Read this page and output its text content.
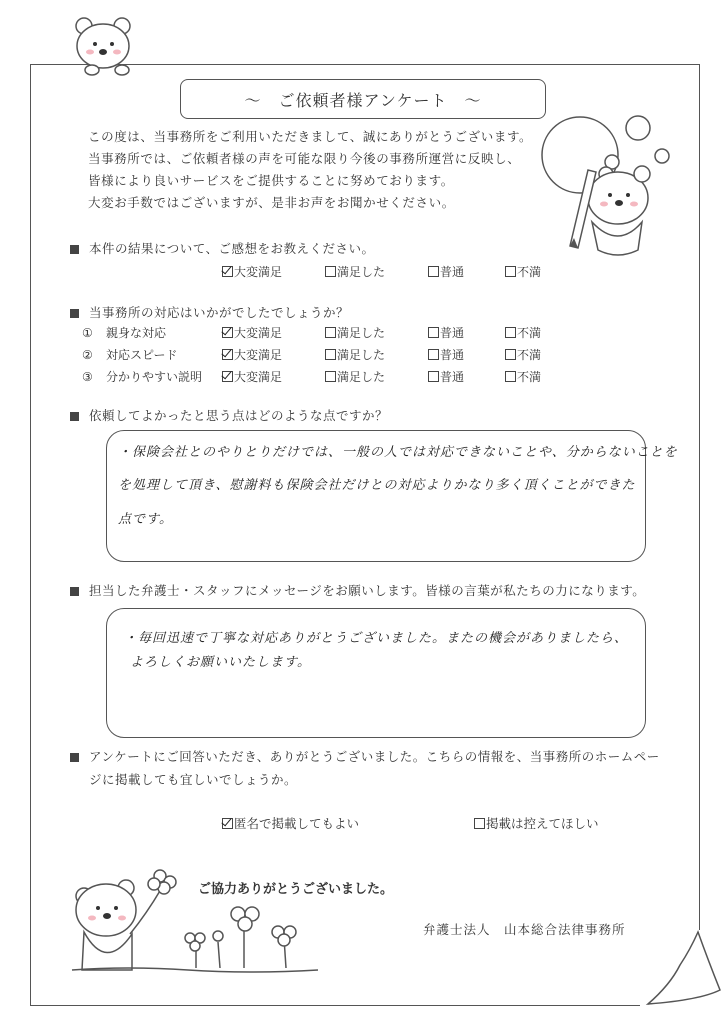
～　ご依頼者様アンケート　～
この度は、当事務所をご利用いただきまして、誠にありがとうございます。
当事務所では、ご依頼者様の声を可能な限り今後の事務所運営に反映し、
皆様により良いサービスをご提供することに努めております。
大変お手数ではございますが、是非お声をお聞かせください。
本件の結果について、ご感想をお教えください。
大変満足	満足した	普通	不満
当事務所の対応はいかがでしたでしょうか？
① 親身な対応	大変満足	満足した	普通	不満
② 対応スピード	大変満足	満足した	普通	不満
③ 分かりやすい説明	大変満足	満足した	普通	不満
依頼してよかったと思う点はどのような点ですか？
・保険会社とのやりとりだけでは、一般の人では対応できないことや、分からないことを
を処理して頂き、慰謝料も保険会社だけとの対応よりかなり多く頂くことができた
点です。
担当した弁護士・スタッフにメッセージをお願いします。皆様の言葉が私たちの力になります。
・毎回迅速で丁寧な対応ありがとうございました。またの機会がありましたら、
よろしくお願いいたします。
アンケートにご回答いただき、ありがとうございました。こちらの情報を、当事務所のホームペー
ジに掲載しても宜しいでしょうか。
匿名で掲載してもよい	掲載は控えてほしい
ご協力ありがとうございました。
弁護士法人　山本総合法律事務所
